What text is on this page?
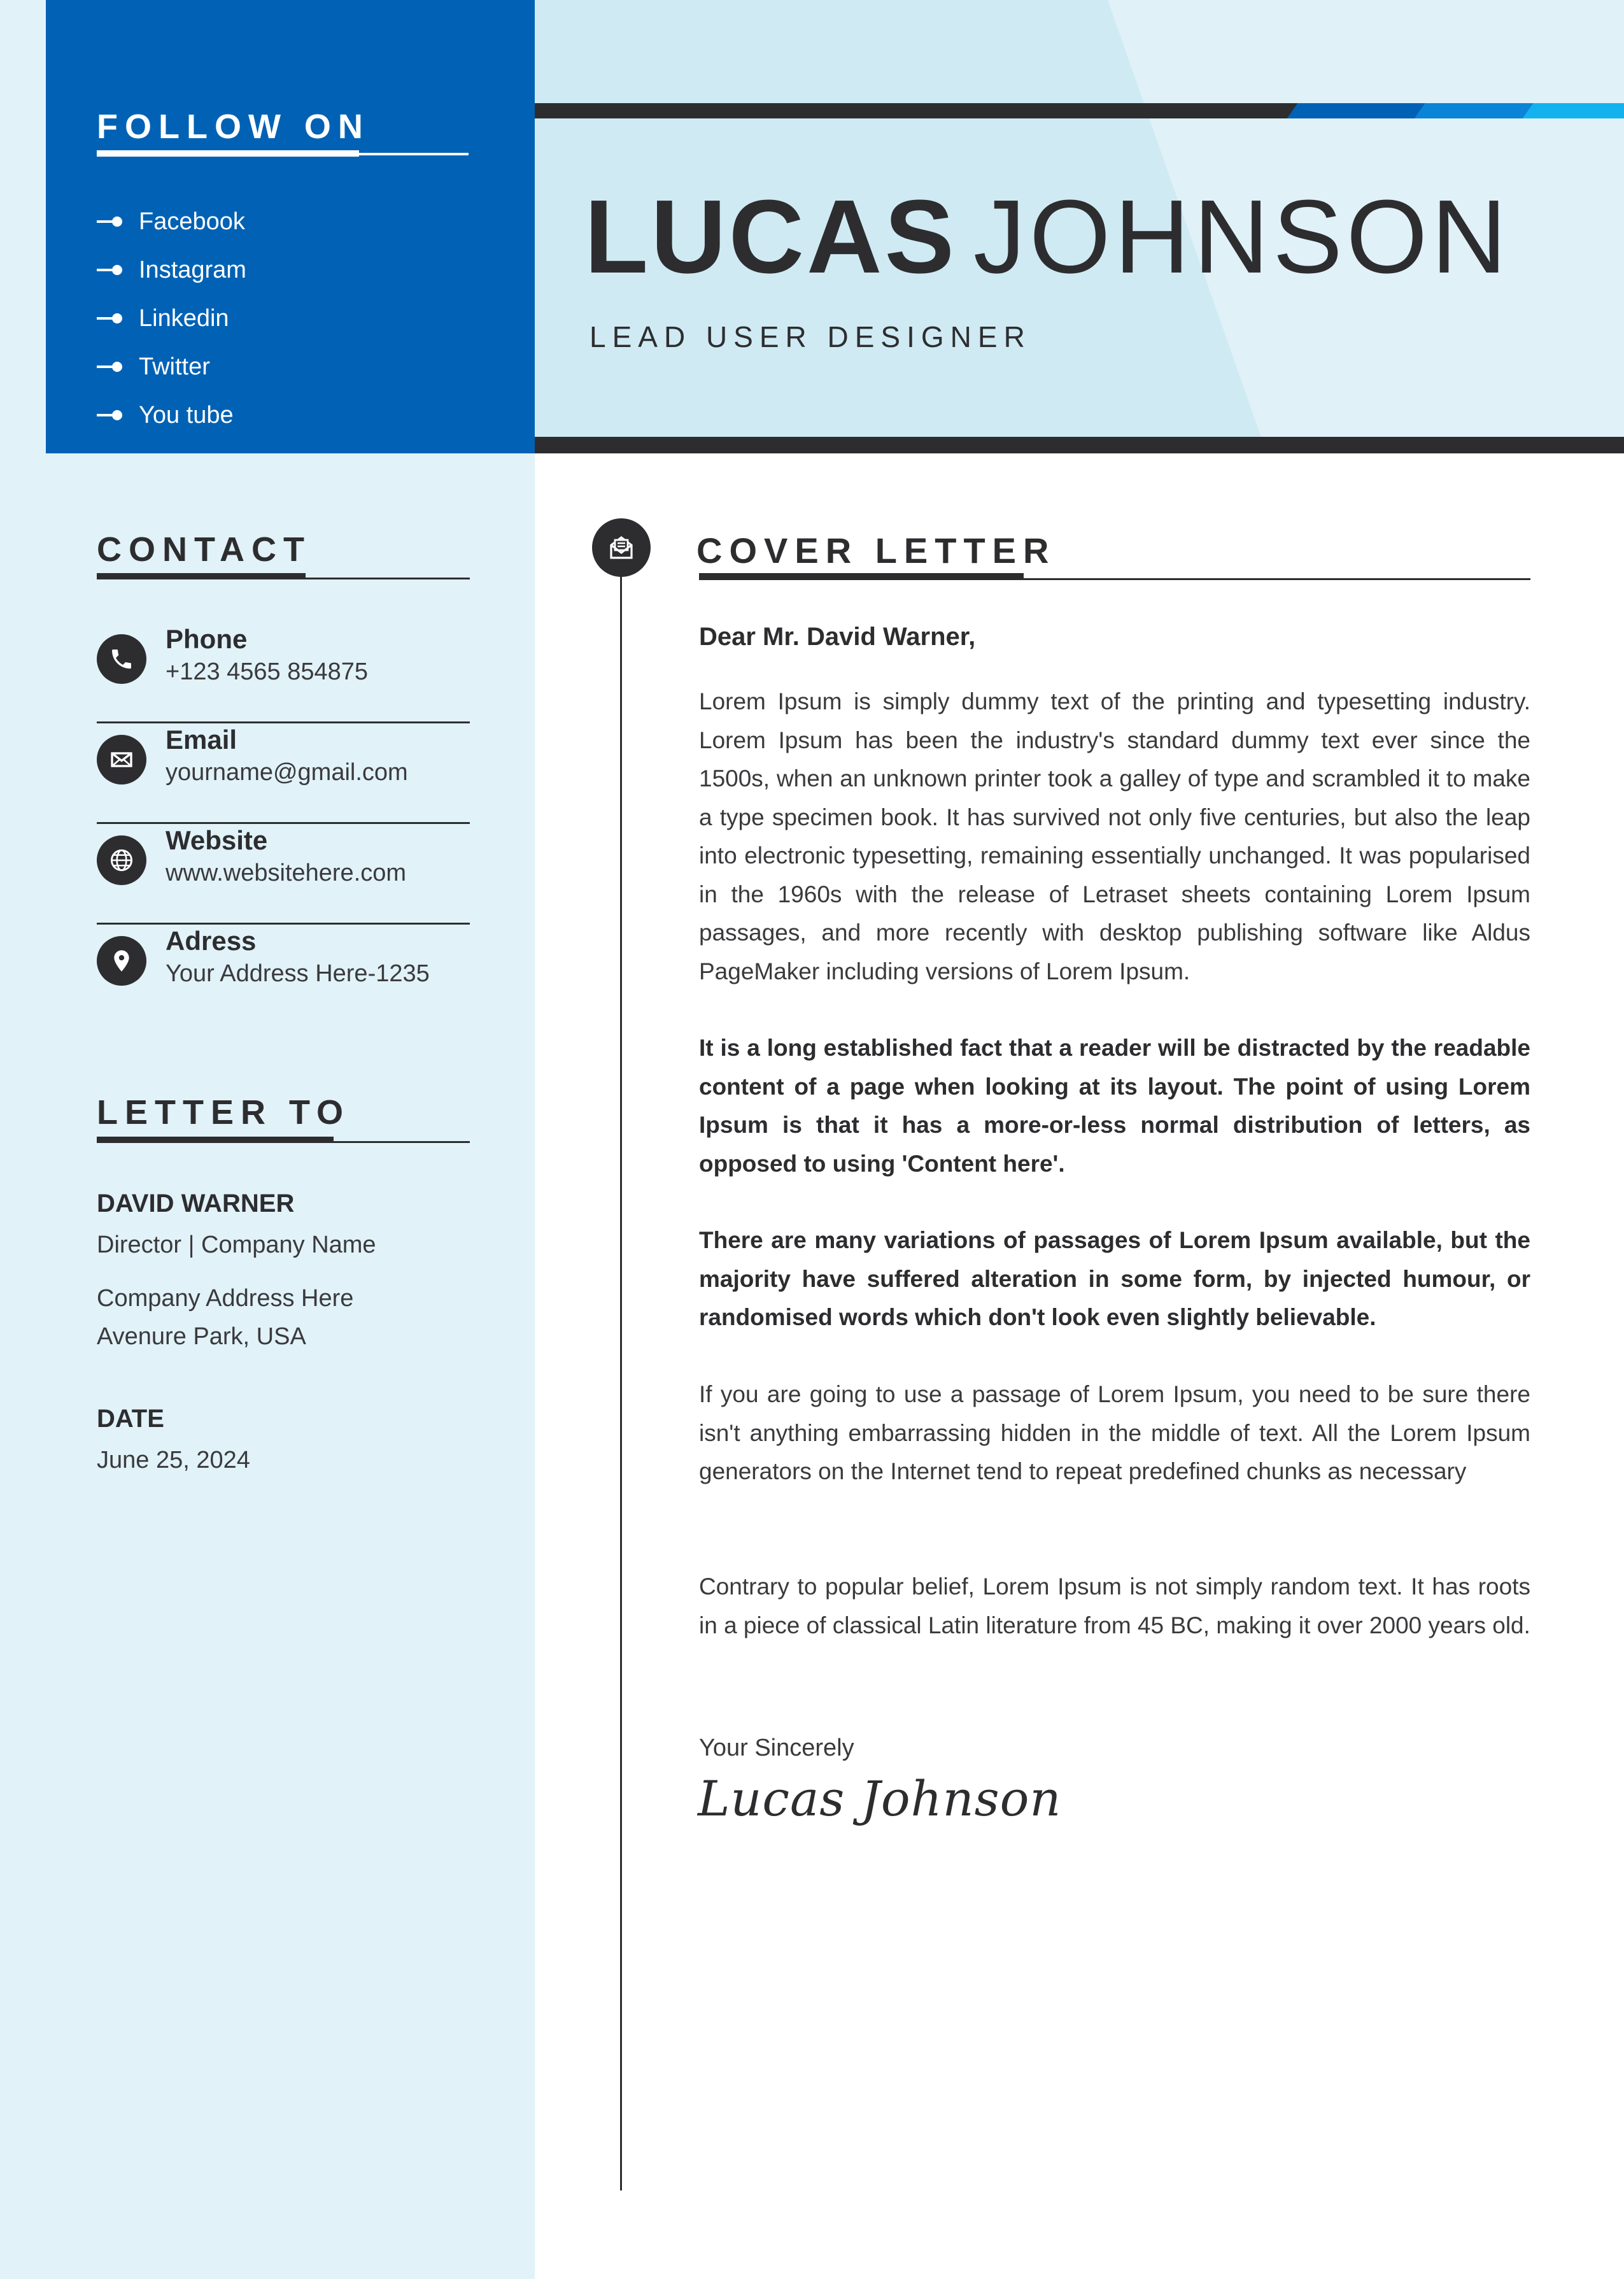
FOLLOW ON
Facebook
Instagram
Linkedin
Twitter
You tube
CONTACT
Phone
+123 4565 854875
Email
yourname@gmail.com
Website
www.websitehere.com
Adress
Your Address Here-1235
LETTER TO
DAVID WARNER
Director | Company Name
Company Address Here
Avenure Park, USA
DATE
June 25, 2024
LUCAS JOHNSON
LEAD USER DESIGNER
COVER LETTER
Dear Mr. David Warner,

Lorem Ipsum is simply dummy text of the printing and typesetting industry. Lorem Ipsum has been the industry's standard dummy text ever since the 1500s, when an unknown printer took a galley of type and scrambled it to make a type specimen book. It has survived not only five centuries, but also the leap into electronic typesetting, remaining essentially unchanged. It was popularised in the 1960s with the release of Letraset sheets containing Lorem Ipsum passages, and more recently with desktop publishing software like Aldus PageMaker including versions of Lorem Ipsum.

It is a long established fact that a reader will be distracted by the readable content of a page when looking at its layout. The point of using Lorem Ipsum is that it has a more-or-less normal distribution of letters, as opposed to using 'Content here'.

There are many variations of passages of Lorem Ipsum available, but the majority have suffered alteration in some form, by injected humour, or randomised words which don't look even slightly believable.

If you are going to use a passage of Lorem Ipsum, you need to be sure there isn't anything embarrassing hidden in the middle of text. All the Lorem Ipsum generators on the Internet tend to repeat predefined chunks as necessary

Contrary to popular belief, Lorem Ipsum is not simply random text. It has roots in a piece of classical Latin literature from 45 BC, making it over 2000 years old.

Your Sincerely
Lucas Johnson
